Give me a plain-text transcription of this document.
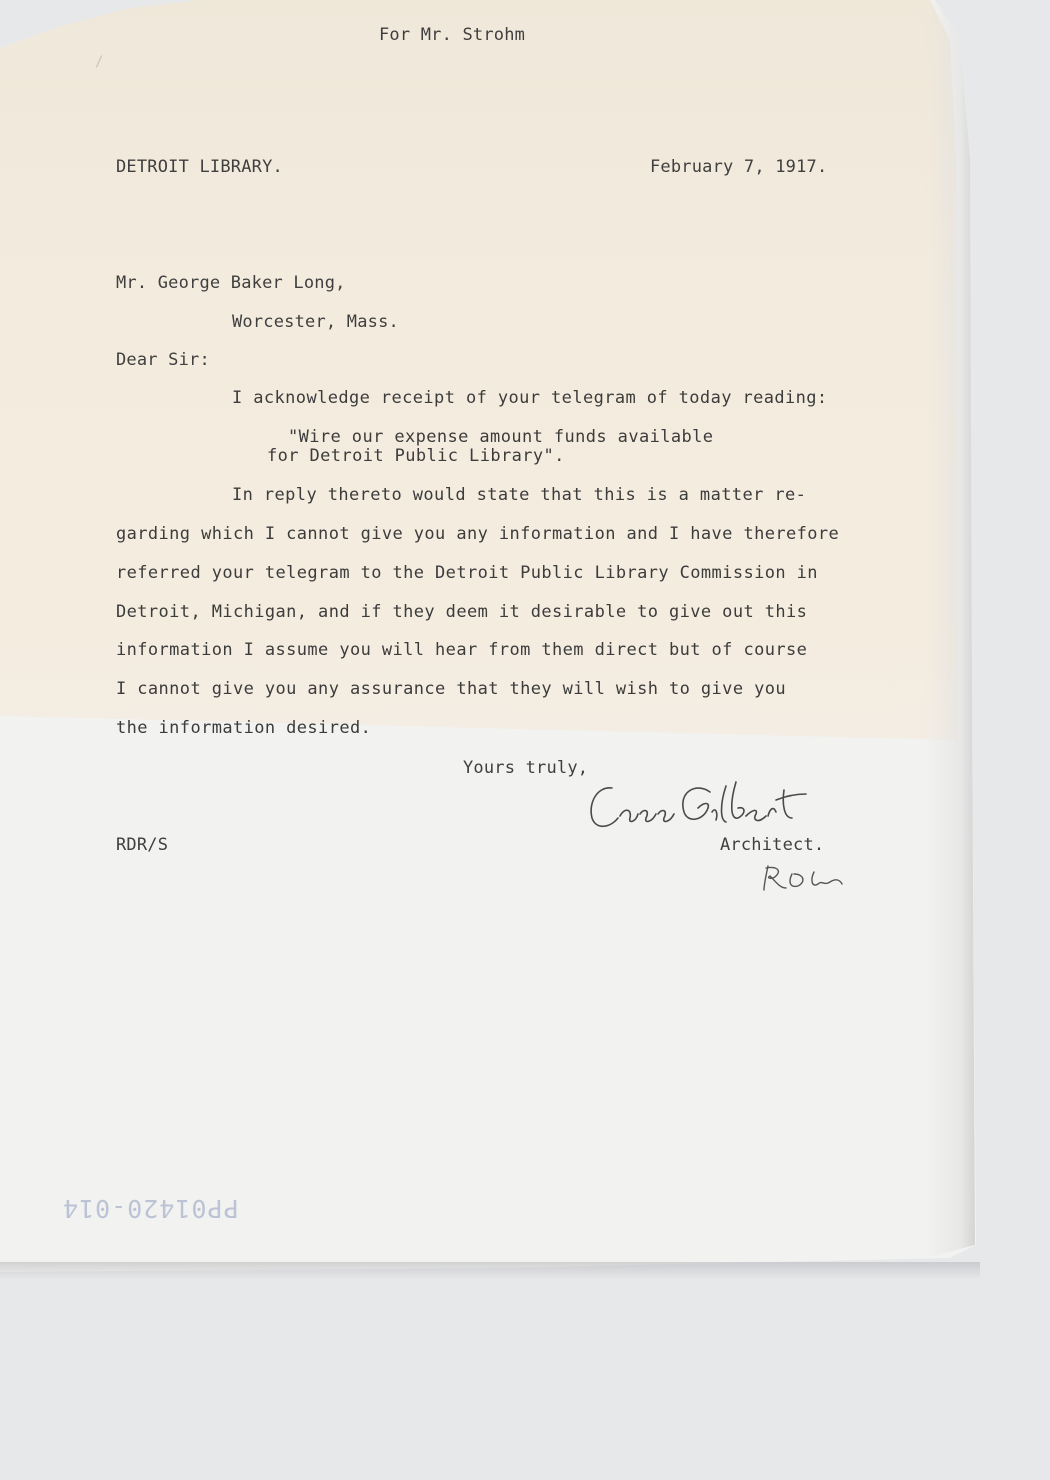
/

For Mr. Strohm

DETROIT LIBRARY.	February 7, 1917.

Mr. George Baker Long,

Worcester, Mass.

Dear Sir:

I acknowledge receipt of your telegram of today reading:

"Wire our expense amount funds available

for Detroit Public Library".

In reply thereto would state that this is a matter re-

garding which I cannot give you any information and I have therefore

referred your telegram to the Detroit Public Library Commission in

Detroit, Michigan, and if they deem it desirable to give out this

information I assume you will hear from them direct but of course

I cannot give you any assurance that they will wish to give you

the information desired.

Yours truly,

Architect.

RDR/S

PP01420-014
